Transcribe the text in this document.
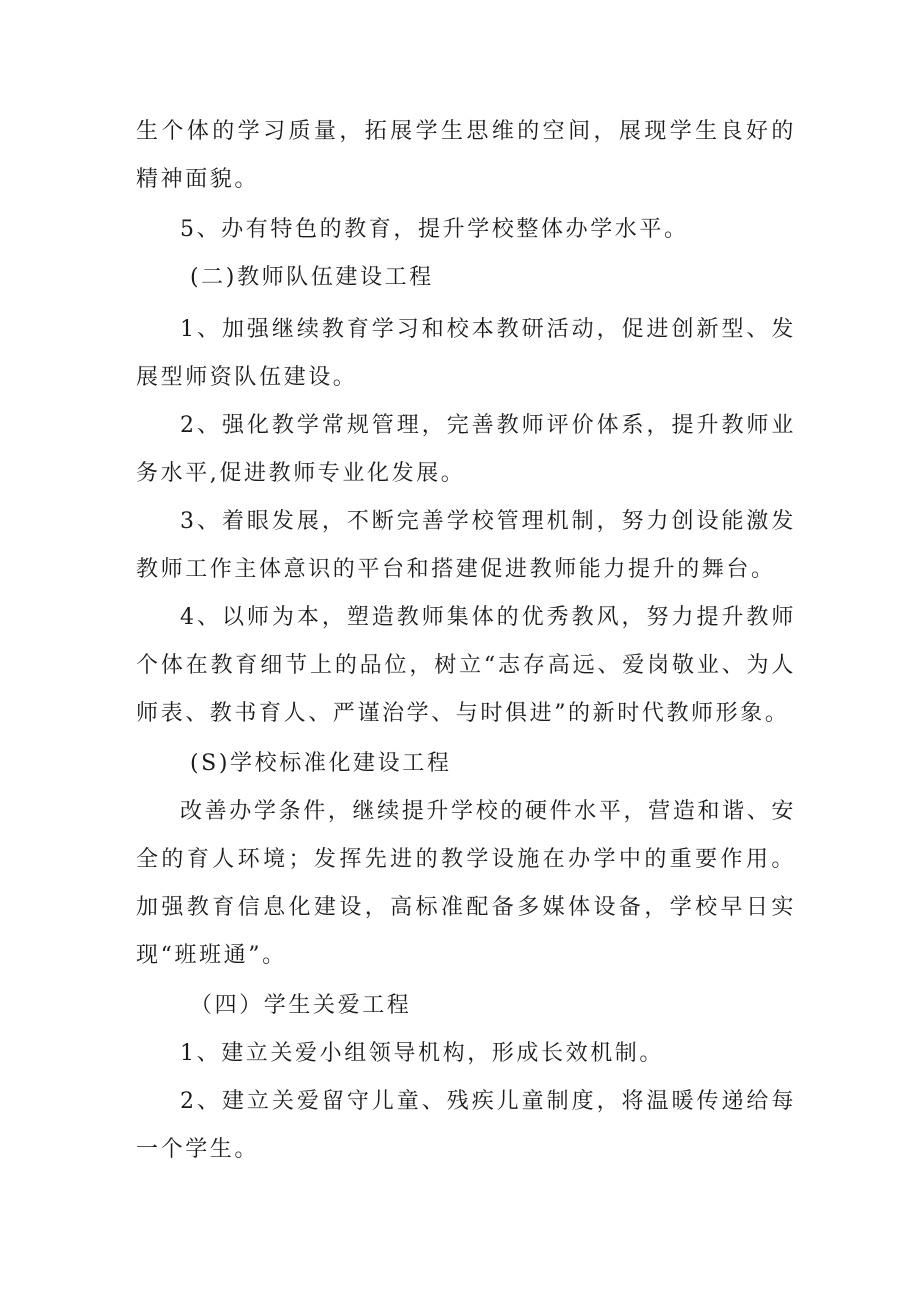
生个体的学习质量，拓展学生思维的空间，展现学生良好的精神面貌。

5、办有特色的教育，提升学校整体办学水平。

(二)教师队伍建设工程

1、加强继续教育学习和校本教研活动，促进创新型、发展型师资队伍建设。

2、强化教学常规管理，完善教师评价体系，提升教师业务水平,促进教师专业化发展。

3、着眼发展，不断完善学校管理机制，努力创设能激发教师工作主体意识的平台和搭建促进教师能力提升的舞台。

4、以师为本，塑造教师集体的优秀教风，努力提升教师个体在教育细节上的品位，树立“志存高远、爱岗敬业、为人师表、教书育人、严谨治学、与时俱进”的新时代教师形象。

(S)学校标准化建设工程

改善办学条件，继续提升学校的硬件水平，营造和谐、安全的育人环境；发挥先进的教学设施在办学中的重要作用。加强教育信息化建设，高标准配备多媒体设备，学校早日实现“班班通”。

（四）学生关爱工程

1、建立关爱小组领导机构，形成长效机制。

2、建立关爱留守儿童、残疾儿童制度，将温暖传递给每一个学生。
